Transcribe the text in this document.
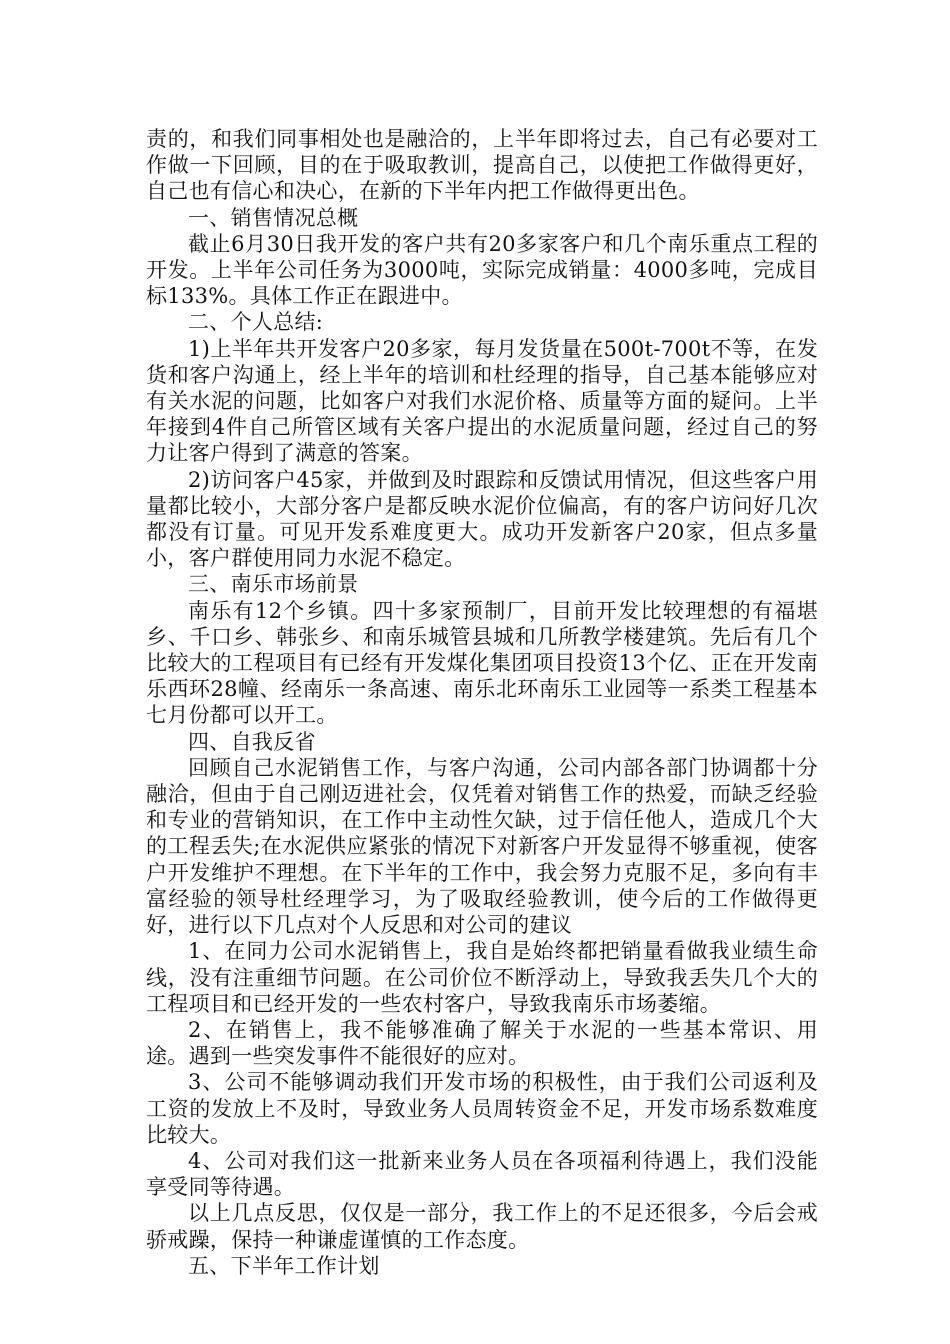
责的，和我们同事相处也是融洽的，上半年即将过去，自己有必要对工作做一下回顾，目的在于吸取教训，提高自己，以使把工作做得更好，自己也有信心和决心，在新的下半年内把工作做得更出色。

一、销售情况总概

截止6月30日我开发的客户共有20多家客户和几个南乐重点工程的开发。上半年公司任务为3000吨，实际完成销量：4000多吨，完成目标133%。具体工作正在跟进中。

二、个人总结:

1)上半年共开发客户20多家，每月发货量在500t-700t不等，在发货和客户沟通上，经上半年的培训和杜经理的指导，自己基本能够应对有关水泥的问题，比如客户对我们水泥价格、质量等方面的疑问。上半年接到4件自己所管区域有关客户提出的水泥质量问题，经过自己的努力让客户得到了满意的答案。

2)访问客户45家，并做到及时跟踪和反馈试用情况，但这些客户用量都比较小，大部分客户是都反映水泥价位偏高，有的客户访问好几次都没有订量。可见开发系难度更大。成功开发新客户20家，但点多量小，客户群使用同力水泥不稳定。

三、南乐市场前景

南乐有12个乡镇。四十多家预制厂，目前开发比较理想的有福堪乡、千口乡、韩张乡、和南乐城管县城和几所教学楼建筑。先后有几个比较大的工程项目有已经有开发煤化集团项目投资13个亿、正在开发南乐西环28幢、经南乐一条高速、南乐北环南乐工业园等一系类工程基本七月份都可以开工。

四、自我反省

回顾自己水泥销售工作，与客户沟通，公司内部各部门协调都十分融洽，但由于自己刚迈进社会，仅凭着对销售工作的热爱，而缺乏经验和专业的营销知识，在工作中主动性欠缺，过于信任他人，造成几个大的工程丢失;在水泥供应紧张的情况下对新客户开发显得不够重视，使客户开发维护不理想。在下半年的工作中，我会努力克服不足，多向有丰富经验的领导杜经理学习，为了吸取经验教训，使今后的工作做得更好，进行以下几点对个人反思和对公司的建议

1、在同力公司水泥销售上，我自是始终都把销量看做我业绩生命线，没有注重细节问题。在公司价位不断浮动上，导致我丢失几个大的工程项目和已经开发的一些农村客户，导致我南乐市场萎缩。

2、在销售上，我不能够准确了解关于水泥的一些基本常识、用途。遇到一些突发事件不能很好的应对。

3、公司不能够调动我们开发市场的积极性，由于我们公司返利及工资的发放上不及时，导致业务人员周转资金不足，开发市场系数难度比较大。

4、公司对我们这一批新来业务人员在各项福利待遇上，我们没能享受同等待遇。

以上几点反思，仅仅是一部分，我工作上的不足还很多，今后会戒骄戒躁，保持一种谦虚谨慎的工作态度。

五、下半年工作计划
